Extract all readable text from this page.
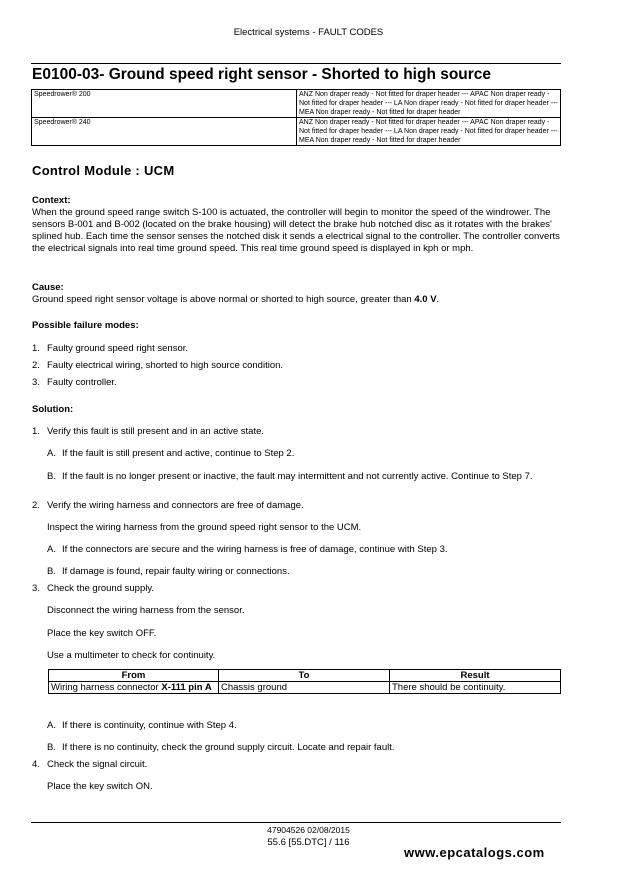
Electrical systems - FAULT CODES
E0100-03- Ground speed right sensor - Shorted to high source
Speedrower® 200	ANZ Non draper ready - Not fitted for draper header --- APAC Non draper ready - Not fitted for draper header --- LA Non draper ready - Not fitted for draper header --- MEA Non draper ready - Not fitted for draper header
Speedrower® 240	ANZ Non draper ready - Not fitted for draper header --- APAC Non draper ready - Not fitted for draper header --- LA Non draper ready - Not fitted for draper header --- MEA Non draper ready - Not fitted for draper header
Control Module : UCM

Context:

When the ground speed range switch S-100 is actuated, the controller will begin to monitor the speed of the windrower. The sensors B-001 and B-002 (located on the brake housing) will detect the brake hub notched disc as it rotates with the brakes' splined hub. Each time the sensor senses the notched disk it sends a electrical signal to the controller. The controller converts the electrical signals into real time ground speed. This real time ground speed is displayed in kph or mph.

Cause:

Ground speed right sensor voltage is above normal or shorted to high source, greater than 4.0 V.

Possible failure modes:
1. Faulty ground speed right sensor.
2. Faulty electrical wiring, shorted to high source condition.
3. Faulty controller.
Solution:
1. Verify this fault is still present and in an active state.
A. If the fault is still present and active, continue to Step 2.
B. If the fault is no longer present or inactive, the fault may intermittent and not currently active. Continue to Step 7.
2. Verify the wiring harness and connectors are free of damage.
Inspect the wiring harness from the ground speed right sensor to the UCM.
A. If the connectors are secure and the wiring harness is free of damage, continue with Step 3.
B. If damage is found, repair faulty wiring or connections.
3. Check the ground supply.
Disconnect the wiring harness from the sensor.
Place the key switch OFF.
Use a multimeter to check for continuity.
From	To	Result
Wiring harness connector X-111 pin A	Chassis ground	There should be continuity.
A. If there is continuity, continue with Step 4.
B. If there is no continuity, check the ground supply circuit. Locate and repair fault.
4. Check the signal circuit.
Place the key switch ON.
47904526 02/08/2015
55.6 [55.DTC] / 116
www.epcatalogs.com
